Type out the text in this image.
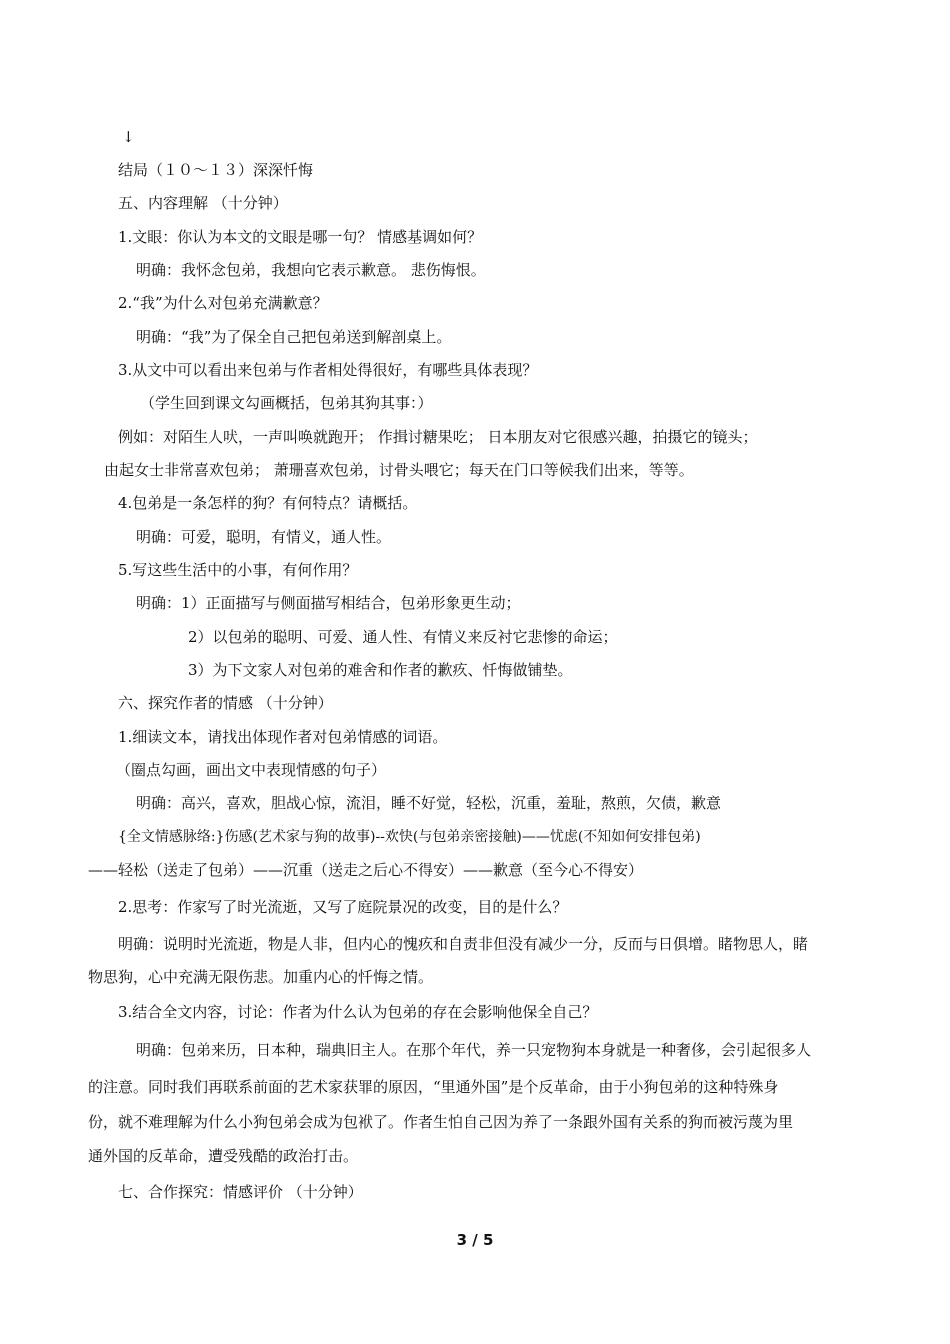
↓
结局（１０～１３）深深忏悔
五、内容理解 （十分钟）
1.文眼：你认为本文的文眼是哪一句？ 情感基调如何？
明确：我怀念包弟，我想向它表示歉意。 悲伤悔恨。
2.“我”为什么对包弟充满歉意？
明确：“我”为了保全自己把包弟送到解剖桌上。
3.从文中可以看出来包弟与作者相处得很好，有哪些具体表现？
（学生回到课文勾画概括，包弟其狗其事：）
例如：对陌生人吠，一声叫唤就跑开； 作揖讨糖果吃； 日本朋友对它很感兴趣，拍摄它的镜头；
由起女士非常喜欢包弟； 萧珊喜欢包弟，讨骨头喂它；每天在门口等候我们出来，等等。
4.包弟是一条怎样的狗？有何特点？请概括。
明确：可爱，聪明，有情义，通人性。
5.写这些生活中的小事，有何作用？
明确：1）正面描写与侧面描写相结合，包弟形象更生动；
2）以包弟的聪明、可爱、通人性、有情义来反衬它悲惨的命运；
3）为下文家人对包弟的难舍和作者的歉疚、忏悔做铺垫。
六、探究作者的情感 （十分钟）
1.细读文本，请找出体现作者对包弟情感的词语。
（圈点勾画，画出文中表现情感的句子）
明确：高兴，喜欢，胆战心惊，流泪，睡不好觉，轻松，沉重，羞耻，熬煎，欠债，歉意
{全文情感脉络:}伤感(艺术家与狗的故事)--欢快(与包弟亲密接触)——忧虑(不知如何安排包弟)
——轻松（送走了包弟）——沉重（送走之后心不得安）——歉意（至今心不得安）
2.思考：作家写了时光流逝，又写了庭院景况的改变，目的是什么？
明确：说明时光流逝，物是人非，但内心的愧疚和自责非但没有减少一分，反而与日俱增。睹物思人，睹
物思狗，心中充满无限伤悲。加重内心的忏悔之情。
3.结合全文内容，讨论：作者为什么认为包弟的存在会影响他保全自己？
明确：包弟来历，日本种，瑞典旧主人。在那个年代，养一只宠物狗本身就是一种奢侈，会引起很多人
的注意。同时我们再联系前面的艺术家获罪的原因，“里通外国”是个反革命，由于小狗包弟的这种特殊身
份，就不难理解为什么小狗包弟会成为包袱了。作者生怕自己因为养了一条跟外国有关系的狗而被污蔑为里
通外国的反革命，遭受残酷的政治打击。
七、合作探究：情感评价 （十分钟）
3 / 5
